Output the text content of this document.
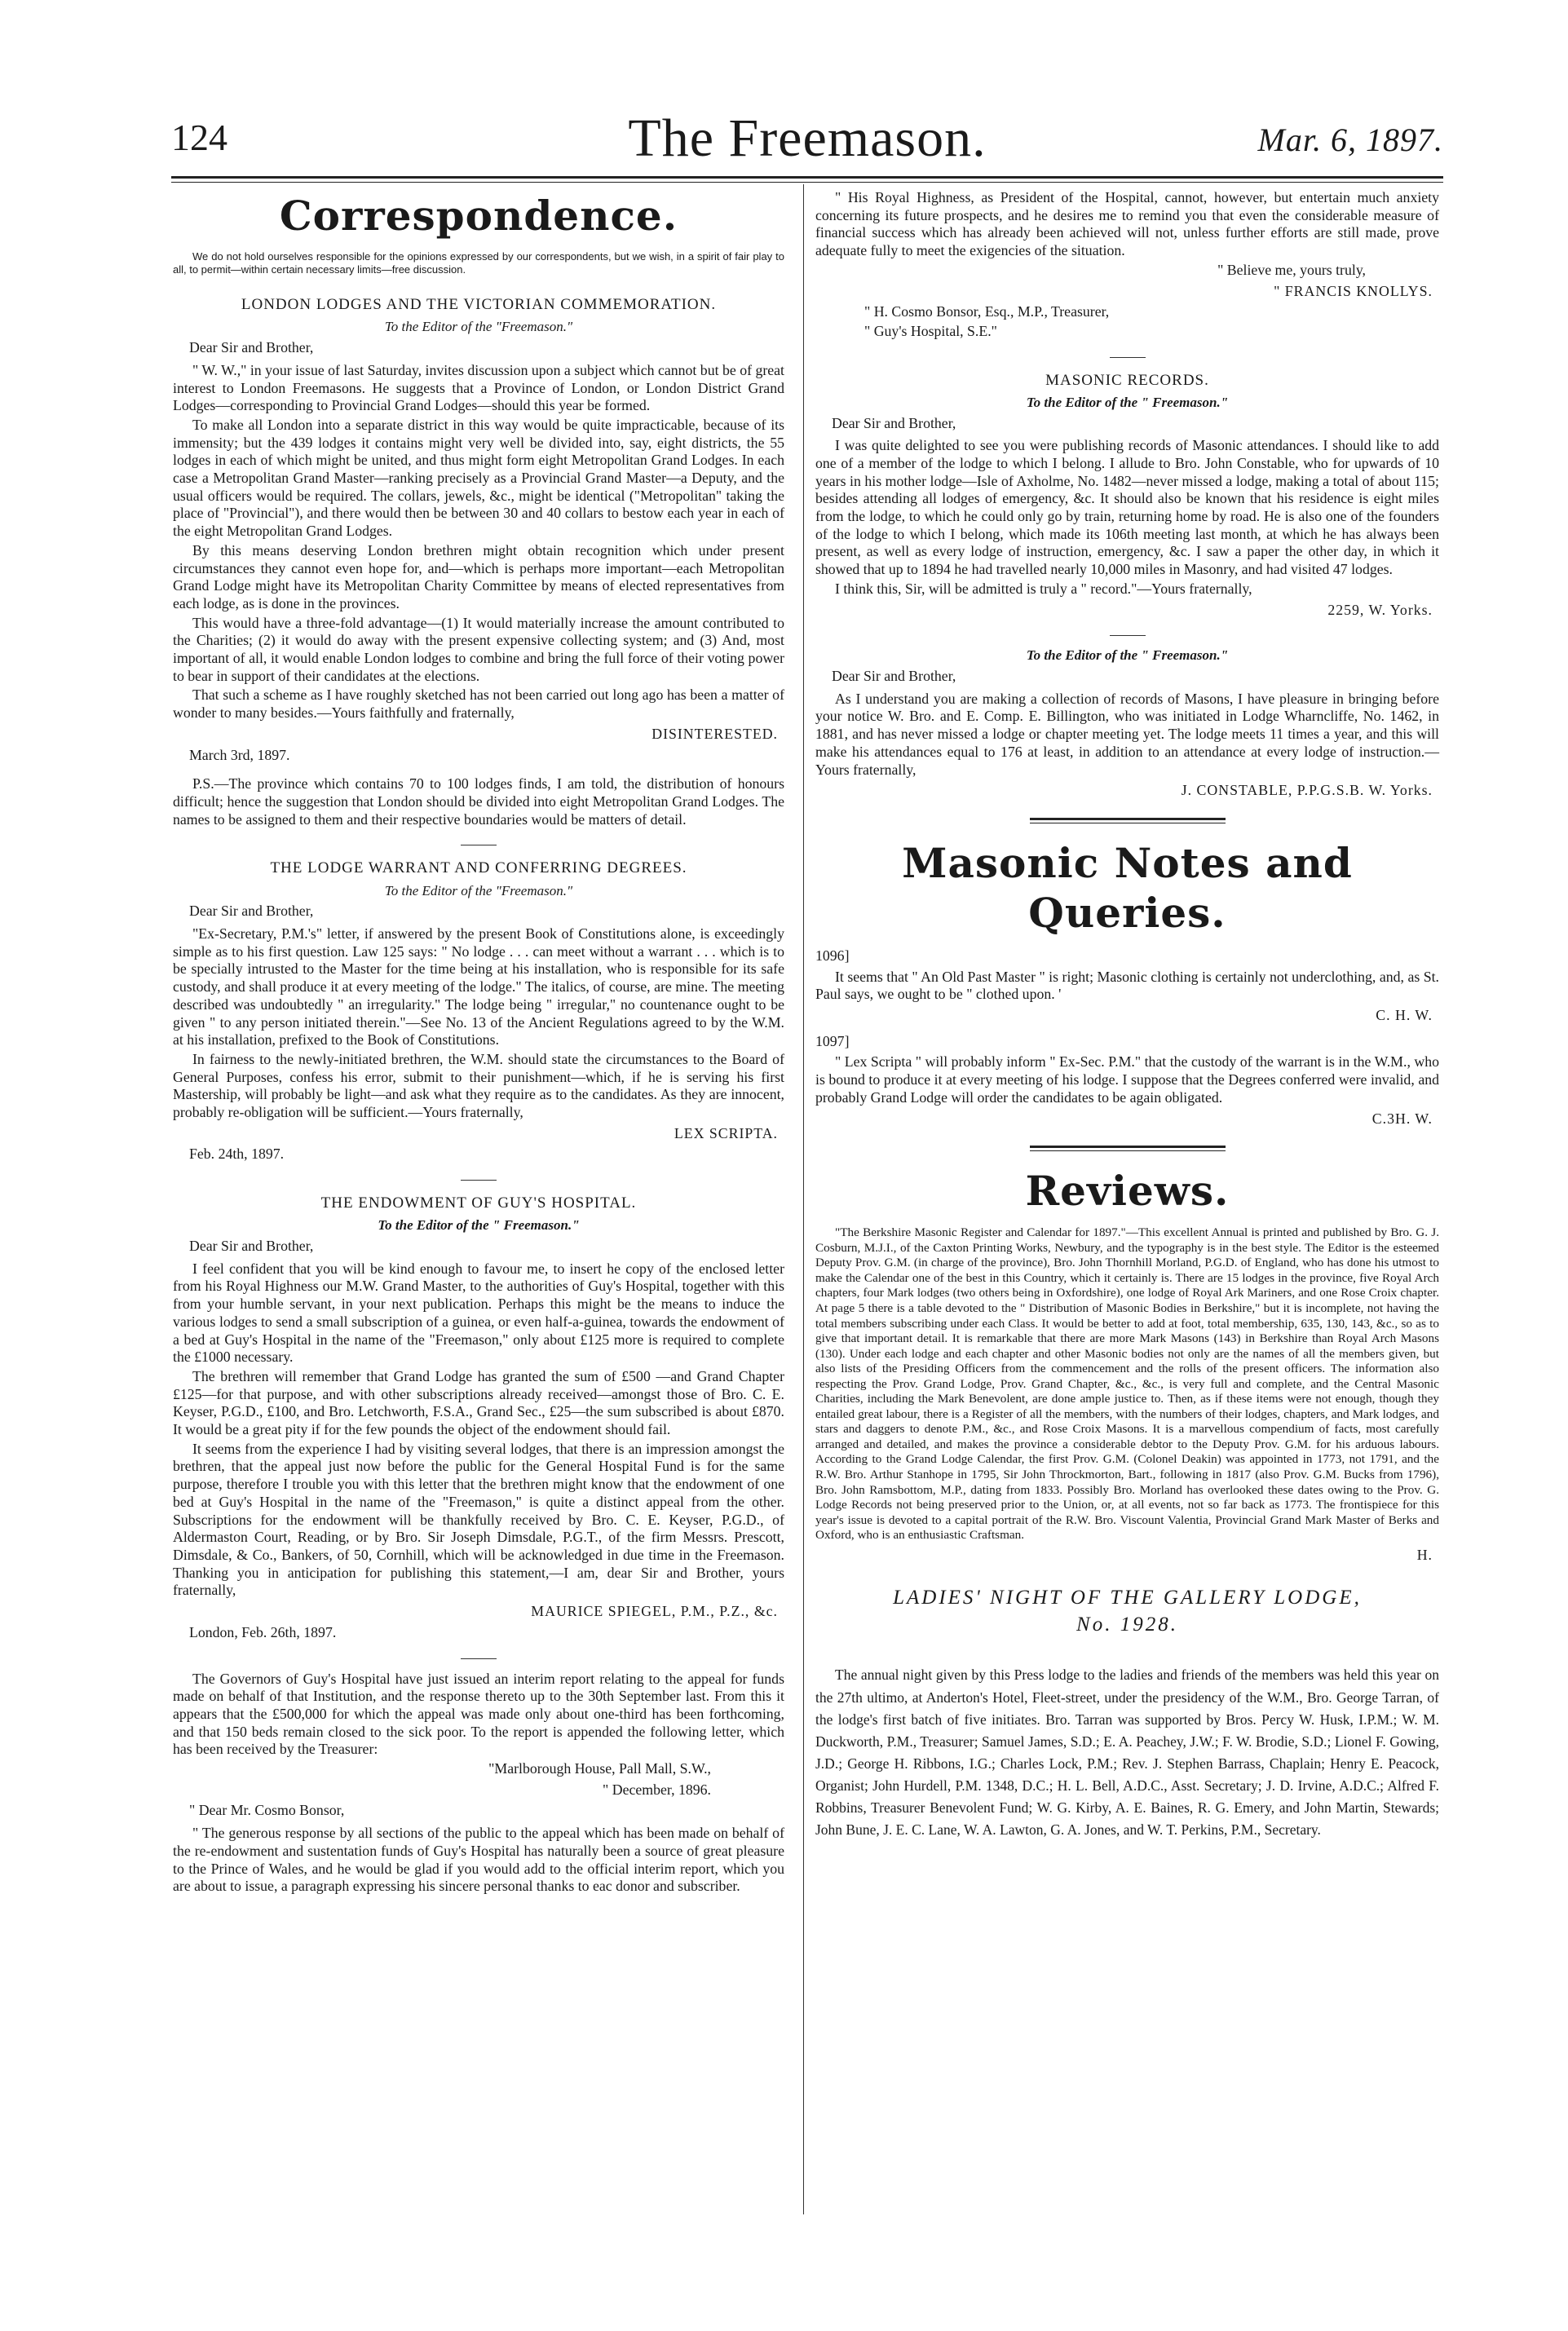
124	The Freemason.	Mar. 6, 1897.
Correspondence.

We do not hold ourselves responsible for the opinions expressed by our correspondents, but we wish, in a spirit of fair play to all, to permit—within certain necessary limits—free discussion.

LONDON LODGES AND THE VICTORIAN COMMEMORATION.
To the Editor of the "Freemason."
Dear Sir and Brother,

" W. W.," in your issue of last Saturday, invites discussion upon a subject which cannot but be of great interest to London Freemasons. He suggests that a Province of London, or London District Grand Lodges—corresponding to Provincial Grand Lodges—should this year be formed.

To make all London into a separate district in this way would be quite impracticable, because of its immensity; but the 439 lodges it contains might very well be divided into, say, eight districts, the 55 lodges in each of which might be united, and thus might form eight Metropolitan Grand Lodges. In each case a Metropolitan Grand Master—ranking precisely as a Provincial Grand Master—a Deputy, and the usual officers would be required. The collars, jewels, &c., might be identical ("Metropolitan" taking the place of "Provincial"), and there would then be between 30 and 40 collars to bestow each year in each of the eight Metropolitan Grand Lodges.

By this means deserving London brethren might obtain recognition which under present circumstances they cannot even hope for, and—which is perhaps more important—each Metropolitan Grand Lodge might have its Metropolitan Charity Committee by means of elected representatives from each lodge, as is done in the provinces.

This would have a three-fold advantage—(1) It would materially increase the amount contributed to the Charities; (2) it would do away with the present expensive collecting system; and (3) And, most important of all, it would enable London lodges to combine and bring the full force of their voting power to bear in support of their candidates at the elections.

That such a scheme as I have roughly sketched has not been carried out long ago has been a matter of wonder to many besides.—Yours faithfully and fraternally,

DISINTERESTED.
March 3rd, 1897.

P.S.—The province which contains 70 to 100 lodges finds, I am told, the distribution of honours difficult; hence the suggestion that London should be divided into eight Metropolitan Grand Lodges. The names to be assigned to them and their respective boundaries would be matters of detail.

THE LODGE WARRANT AND CONFERRING DEGREES.
To the Editor of the "Freemason."
Dear Sir and Brother,

"Ex-Secretary, P.M.'s" letter, if answered by the present Book of Constitutions alone, is exceedingly simple as to his first question. Law 125 says: " No lodge . . . can meet without a warrant . . . which is to be specially intrusted to the Master for the time being at his installation, who is responsible for its safe custody, and shall produce it at every meeting of the lodge." The italics, of course, are mine. The meeting described was undoubtedly " an irregularity." The lodge being " irregular," no countenance ought to be given " to any person initiated therein."—See No. 13 of the Ancient Regulations agreed to by the W.M. at his installation, prefixed to the Book of Constitutions.

In fairness to the newly-initiated brethren, the W.M. should state the circumstances to the Board of General Purposes, confess his error, submit to their punishment—which, if he is serving his first Mastership, will probably be light—and ask what they require as to the candidates. As they are innocent, probably re-obligation will be sufficient.—Yours fraternally,

LEX SCRIPTA.
Feb. 24th, 1897.
THE ENDOWMENT OF GUY'S HOSPITAL.
To the Editor of the " Freemason."
Dear Sir and Brother,

I feel confident that you will be kind enough to favour me, to insert he copy of the enclosed letter from his Royal Highness our M.W. Grand Master, to the authorities of Guy's Hospital, together with this from your humble servant, in your next publication. Perhaps this might be the means to induce the various lodges to send a small subscription of a guinea, or even half-a-guinea, towards the endowment of a bed at Guy's Hospital in the name of the "Freemason," only about £125 more is required to complete the £1000 necessary.

The brethren will remember that Grand Lodge has granted the sum of £500 —and Grand Chapter £125—for that purpose, and with other subscriptions already received—amongst those of Bro. C. E. Keyser, P.G.D., £100, and Bro. Letchworth, F.S.A., Grand Sec., £25—the sum subscribed is about £870. It would be a great pity if for the few pounds the object of the endowment should fail.

It seems from the experience I had by visiting several lodges, that there is an impression amongst the brethren, that the appeal just now before the public for the General Hospital Fund is for the same purpose, therefore I trouble you with this letter that the brethren might know that the endowment of one bed at Guy's Hospital in the name of the "Freemason," is quite a distinct appeal from the other. Subscriptions for the endowment will be thankfully received by Bro. C. E. Keyser, P.G.D., of Aldermaston Court, Reading, or by Bro. Sir Joseph Dimsdale, P.G.T., of the firm Messrs. Prescott, Dimsdale, & Co., Bankers, of 50, Cornhill, which will be acknowledged in due time in the Freemason. Thanking you in anticipation for publishing this statement,—I am, dear Sir and Brother, yours fraternally,

MAURICE SPIEGEL, P.M., P.Z., &c.
London, Feb. 26th, 1897.

The Governors of Guy's Hospital have just issued an interim report relating to the appeal for funds made on behalf of that Institution, and the response thereto up to the 30th September last. From this it appears that the £500,000 for which the appeal was made only about one-third has been forthcoming, and that 150 beds remain closed to the sick poor. To the report is appended the following letter, which has been received by the Treasurer:

"Marlborough House, Pall Mall, S.W.,
" December, 1896.
" Dear Mr. Cosmo Bonsor,

" The generous response by all sections of the public to the appeal which has been made on behalf of the re-endowment and sustentation funds of Guy's Hospital has naturally been a source of great pleasure to the Prince of Wales, and he would be glad if you would add to the official interim report, which you are about to issue, a paragraph expressing his sincere personal thanks to eac donor and subscriber.

" His Royal Highness, as President of the Hospital, cannot, however, but entertain much anxiety concerning its future prospects, and he desires me to remind you that even the considerable measure of financial success which has already been achieved will not, unless further efforts are still made, prove adequate fully to meet the exigencies of the situation.

" Believe me, yours truly,
" FRANCIS KNOLLYS.
" H. Cosmo Bonsor, Esq., M.P., Treasurer,
" Guy's Hospital, S.E."
MASONIC RECORDS.
To the Editor of the " Freemason."
Dear Sir and Brother,

I was quite delighted to see you were publishing records of Masonic attendances. I should like to add one of a member of the lodge to which I belong. I allude to Bro. John Constable, who for upwards of 10 years in his mother lodge—Isle of Axholme, No. 1482—never missed a lodge, making a total of about 115; besides attending all lodges of emergency, &c. It should also be known that his residence is eight miles from the lodge, to which he could only go by train, returning home by road. He is also one of the founders of the lodge to which I belong, which made its 106th meeting last month, at which he has always been present, as well as every lodge of instruction, emergency, &c. I saw a paper the other day, in which it showed that up to 1894 he had travelled nearly 10,000 miles in Masonry, and had visited 47 lodges.

I think this, Sir, will be admitted is truly a " record."—Yours fraternally,

2259, W. Yorks.
To the Editor of the " Freemason."
Dear Sir and Brother,

As I understand you are making a collection of records of Masons, I have pleasure in bringing before your notice W. Bro. and E. Comp. E. Billington, who was initiated in Lodge Wharncliffe, No. 1462, in 1881, and has never missed a lodge or chapter meeting yet. The lodge meets 11 times a year, and this will make his attendances equal to 176 at least, in addition to an attendance at every lodge of instruction.—Yours fraternally,

J. CONSTABLE, P.P.G.S.B. W. Yorks.
Masonic Notes and Queries.
1096]

It seems that " An Old Past Master " is right; Masonic clothing is certainly not underclothing, and, as St. Paul says, we ought to be " clothed upon. '

C. H. W.
1097]

" Lex Scripta " will probably inform " Ex-Sec. P.M." that the custody of the warrant is in the W.M., who is bound to produce it at every meeting of his lodge. I suppose that the Degrees conferred were invalid, and probably Grand Lodge will order the candidates to be again obligated.

C.3H. W.
Reviews.

"The Berkshire Masonic Register and Calendar for 1897."—This excellent Annual is printed and published by Bro. G. J. Cosburn, M.J.I., of the Caxton Printing Works, Newbury, and the typography is in the best style. The Editor is the esteemed Deputy Prov. G.M. (in charge of the province), Bro. John Thornhill Morland, P.G.D. of England, who has done his utmost to make the Calendar one of the best in this Country, which it certainly is. There are 15 lodges in the province, five Royal Arch chapters, four Mark lodges (two others being in Oxfordshire), one lodge of Royal Ark Mariners, and one Rose Croix chapter. At page 5 there is a table devoted to the " Distribution of Masonic Bodies in Berkshire," but it is incomplete, not having the total members subscribing under each Class. It would be better to add at foot, total membership, 635, 130, 143, &c., so as to give that important detail. It is remarkable that there are more Mark Masons (143) in Berkshire than Royal Arch Masons (130). Under each lodge and each chapter and other Masonic bodies not only are the names of all the members given, but also lists of the Presiding Officers from the commencement and the rolls of the present officers. The information also respecting the Prov. Grand Lodge, Prov. Grand Chapter, &c., &c., is very full and complete, and the Central Masonic Charities, including the Mark Benevolent, are done ample justice to. Then, as if these items were not enough, though they entailed great labour, there is a Register of all the members, with the numbers of their lodges, chapters, and Mark lodges, and stars and daggers to denote P.M., &c., and Rose Croix Masons. It is a marvellous compendium of facts, most carefully arranged and detailed, and makes the province a considerable debtor to the Deputy Prov. G.M. for his arduous labours. According to the Grand Lodge Calendar, the first Prov. G.M. (Colonel Deakin) was appointed in 1773, not 1791, and the R.W. Bro. Arthur Stanhope in 1795, Sir John Throckmorton, Bart., following in 1817 (also Prov. G.M. Bucks from 1796), Bro. John Ramsbottom, M.P., dating from 1833. Possibly Bro. Morland has overlooked these dates owing to the Prov. G. Lodge Records not being preserved prior to the Union, or, at all events, not so far back as 1773. The frontispiece for this year's issue is devoted to a capital portrait of the R.W. Bro. Viscount Valentia, Provincial Grand Mark Master of Berks and Oxford, who is an enthusiastic Craftsman.

H.
LADIES' NIGHT OF THE GALLERY LODGE,
No. 1928.

The annual night given by this Press lodge to the ladies and friends of the members was held this year on the 27th ultimo, at Anderton's Hotel, Fleet-street, under the presidency of the W.M., Bro. George Tarran, of the lodge's first batch of five initiates. Bro. Tarran was supported by Bros. Percy W. Husk, I.P.M.; W. M. Duckworth, P.M., Treasurer; Samuel James, S.D.; E. A. Peachey, J.W.; F. W. Brodie, S.D.; Lionel F. Gowing, J.D.; George H. Ribbons, I.G.; Charles Lock, P.M.; Rev. J. Stephen Barrass, Chaplain; Henry E. Peacock, Organist; John Hurdell, P.M. 1348, D.C.; H. L. Bell, A.D.C., Asst. Secretary; J. D. Irvine, A.D.C.; Alfred F. Robbins, Treasurer Benevolent Fund; W. G. Kirby, A. E. Baines, R. G. Emery, and John Martin, Stewards; John Bune, J. E. C. Lane, W. A. Lawton, G. A. Jones, and W. T. Perkins, P.M., Secretary.
